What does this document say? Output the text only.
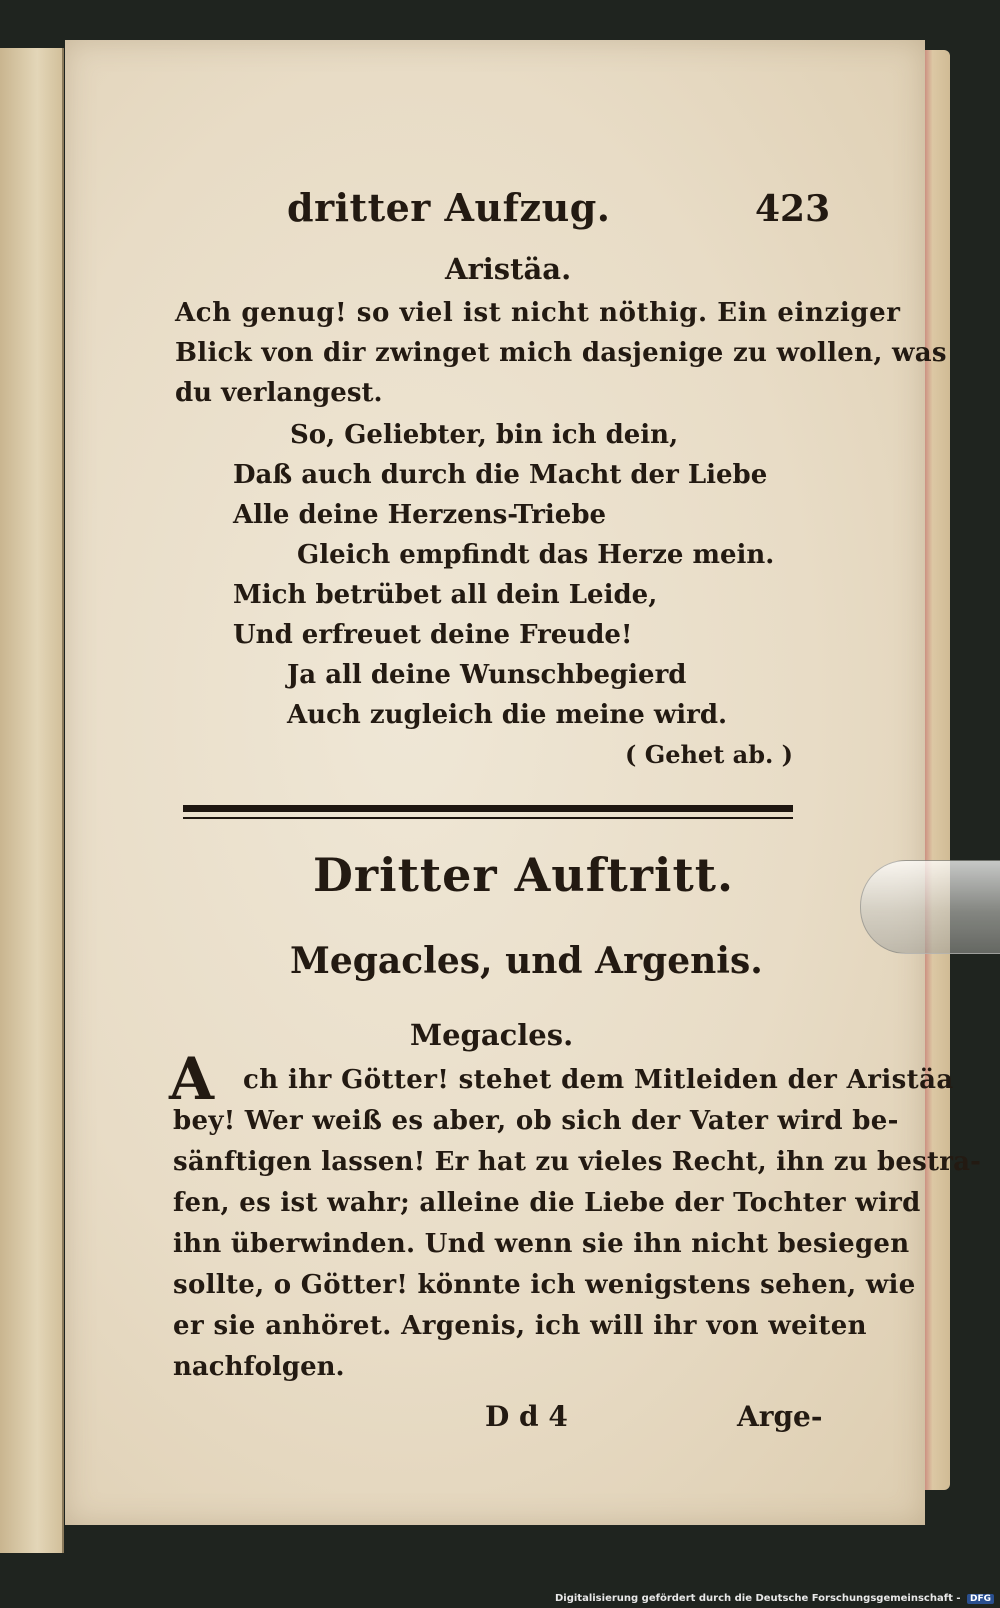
dritter Aufzug.	423
Aristäa.
Ach genug! so viel ist nicht nöthig. Ein einziger
Blick von dir zwinget mich dasjenige zu wollen, was
du verlangest.
So, Geliebter, bin ich dein,
Daß auch durch die Macht der Liebe
Alle deine Herzens-Triebe
Gleich empfindt das Herze mein.
Mich betrübet all dein Leide,
Und erfreuet deine Freude!
Ja all deine Wunschbegierd
Auch zugleich die meine wird.
( Gehet ab. )
Dritter Auftritt.
Megacles, und Argenis.
Megacles.
A ch ihr Götter! stehet dem Mitleiden der Aristäa
bey! Wer weiß es aber, ob sich der Vater wird be-
sänftigen lassen! Er hat zu vieles Recht, ihn zu bestra-
fen, es ist wahr; alleine die Liebe der Tochter wird
ihn überwinden. Und wenn sie ihn nicht besiegen
sollte, o Götter! könnte ich wenigstens sehen, wie
er sie anhöret. Argenis, ich will ihr von weiten
nachfolgen.
D d 4	Arge-
Digitalisierung gefördert durch die Deutsche Forschungsgemeinschaft - DFG
